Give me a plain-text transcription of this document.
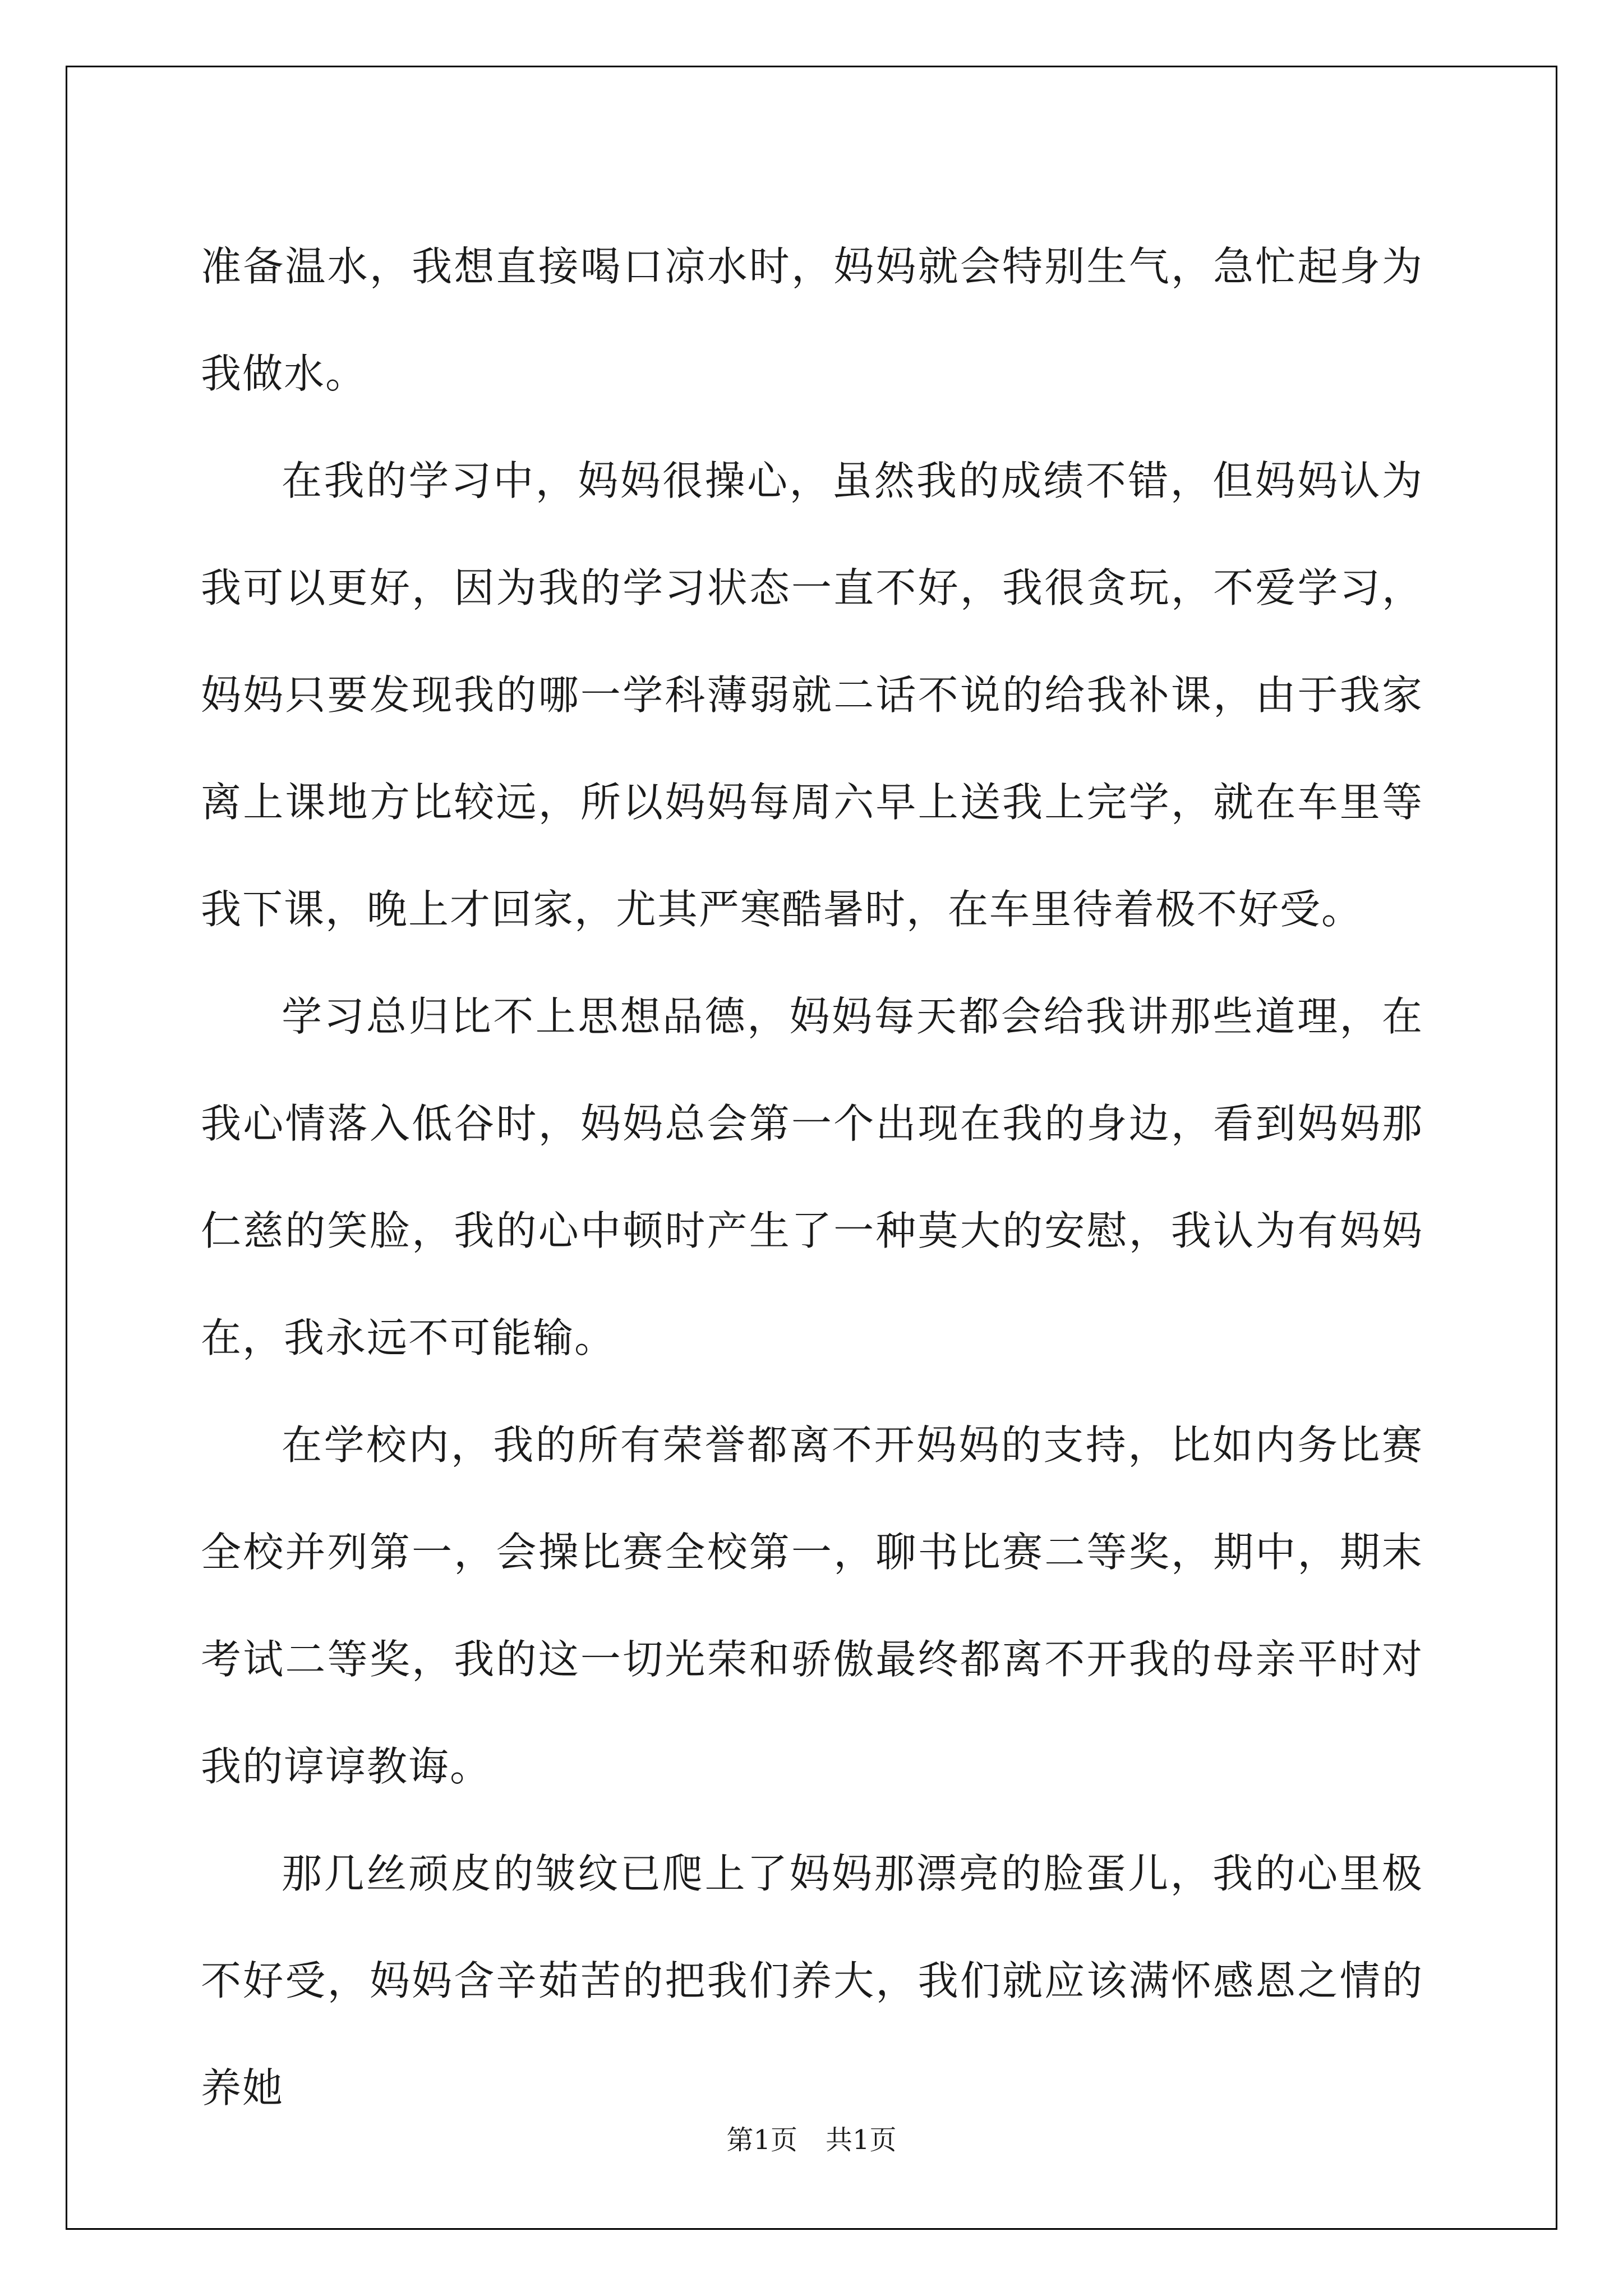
准备温水，我想直接喝口凉水时，妈妈就会特别生气，急忙起身为我做水。

在我的学习中，妈妈很操心，虽然我的成绩不错，但妈妈认为我可以更好，因为我的学习状态一直不好，我很贪玩，不爱学习，妈妈只要发现我的哪一学科薄弱就二话不说的给我补课，由于我家离上课地方比较远，所以妈妈每周六早上送我上完学，就在车里等我下课，晚上才回家，尤其严寒酷暑时，在车里待着极不好受。

学习总归比不上思想品德，妈妈每天都会给我讲那些道理，在我心情落入低谷时，妈妈总会第一个出现在我的身边，看到妈妈那仁慈的笑脸，我的心中顿时产生了一种莫大的安慰，我认为有妈妈在，我永远不可能输。

在学校内，我的所有荣誉都离不开妈妈的支持，比如内务比赛全校并列第一，会操比赛全校第一，聊书比赛二等奖，期中，期末考试二等奖，我的这一切光荣和骄傲最终都离不开我的母亲平时对我的谆谆教诲。

那几丝顽皮的皱纹已爬上了妈妈那漂亮的脸蛋儿，我的心里极不好受，妈妈含辛茹苦的把我们养大，我们就应该满怀感恩之情的养她

第1页 共1页
